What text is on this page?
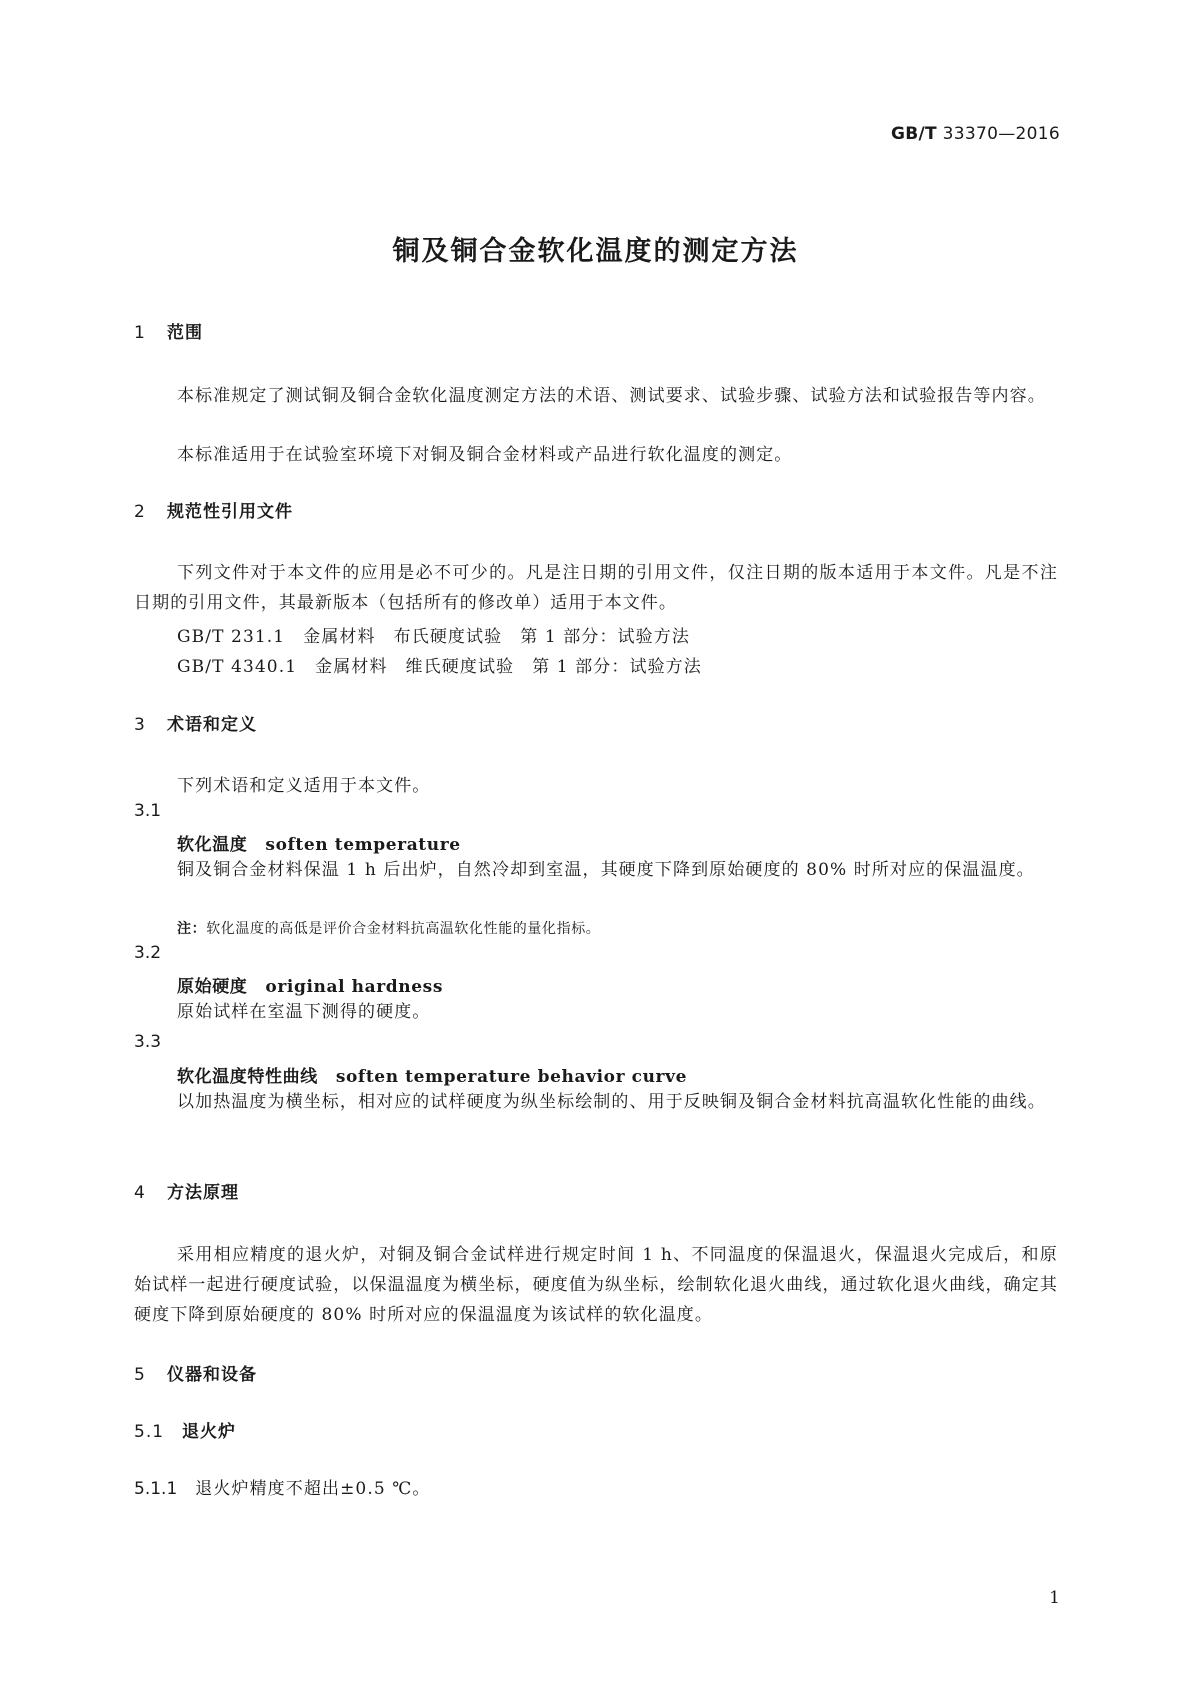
GB/T 33370—2016
铜及铜合金软化温度的测定方法
1 范围

本标准规定了测试铜及铜合金软化温度测定方法的术语、测试要求、试验步骤、试验方法和试验报告等内容。

本标准适用于在试验室环境下对铜及铜合金材料或产品进行软化温度的测定。

2 规范性引用文件

下列文件对于本文件的应用是必不可少的。凡是注日期的引用文件，仅注日期的版本适用于本文件。凡是不注日期的引用文件，其最新版本（包括所有的修改单）适用于本文件。

GB/T 231.1 金属材料 布氏硬度试验 第 1 部分：试验方法
GB/T 4340.1 金属材料 维氏硬度试验 第 1 部分：试验方法
3 术语和定义
下列术语和定义适用于本文件。
3.1
软化温度 soften temperature

铜及铜合金材料保温 1 h 后出炉，自然冷却到室温，其硬度下降到原始硬度的 80% 时所对应的保温温度。

注：软化温度的高低是评价合金材料抗高温软化性能的量化指标。
3.2
原始硬度 original hardness

原始试样在室温下测得的硬度。

3.3
软化温度特性曲线 soften temperature behavior curve

以加热温度为横坐标，相对应的试样硬度为纵坐标绘制的、用于反映铜及铜合金材料抗高温软化性能的曲线。

4 方法原理

采用相应精度的退火炉，对铜及铜合金试样进行规定时间 1 h、不同温度的保温退火，保温退火完成后，和原始试样一起进行硬度试验，以保温温度为横坐标，硬度值为纵坐标，绘制软化退火曲线，通过软化退火曲线，确定其硬度下降到原始硬度的 80% 时所对应的保温温度为该试样的软化温度。

5 仪器和设备
5.1 退火炉
5.1.1 退火炉精度不超出±0.5 ℃。
1
